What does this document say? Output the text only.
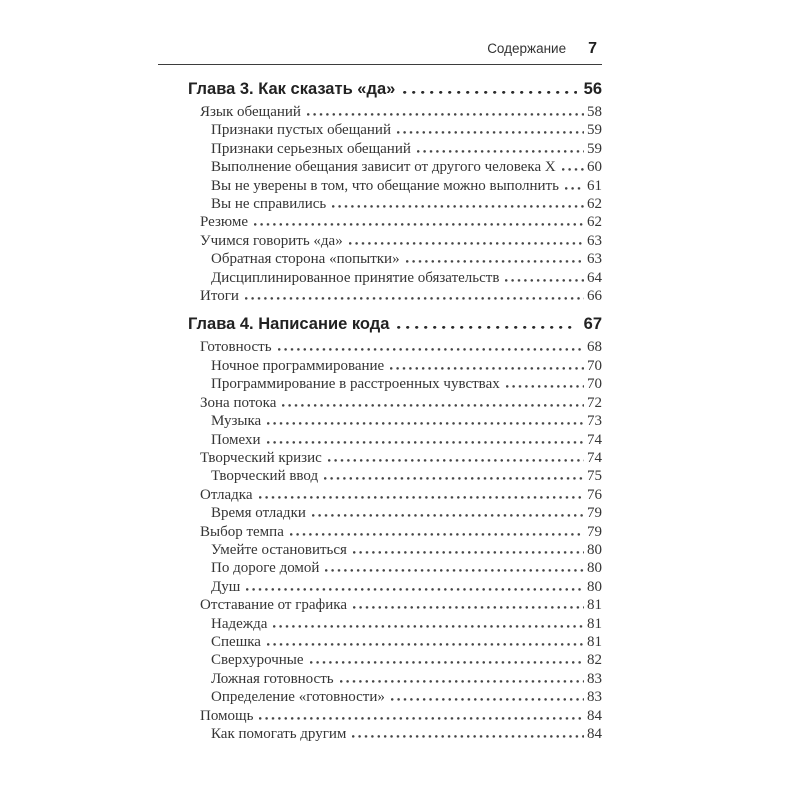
Содержание 7
Глава 3. Как сказать «да»	56
Язык обещаний	58
Признаки пустых обещаний	59
Признаки серьезных обещаний	59
Выполнение обещания зависит от другого человека X 60
Вы не уверены в том, что обещание можно выполнить 61
Вы не справились	62
Резюме	62
Учимся говорить «да»	63
Обратная сторона «попытки»	63
Дисциплинированное принятие обязательств	64
Итоги	66
Глава 4. Написание кода	67
Готовность	68
Ночное программирование	70
Программирование в расстроенных чувствах	70
Зона потока	72
Музыка	73
Помехи	74
Творческий кризис	74
Творческий ввод	75
Отладка	76
Время отладки	79
Выбор темпа	79
Умейте остановиться	80
По дороге домой	80
Душ	80
Отставание от графика	81
Надежда	81
Спешка	81
Сверхурочные	82
Ложная готовность	83
Определение «готовности»	83
Помощь	84
Как помогать другим	84
